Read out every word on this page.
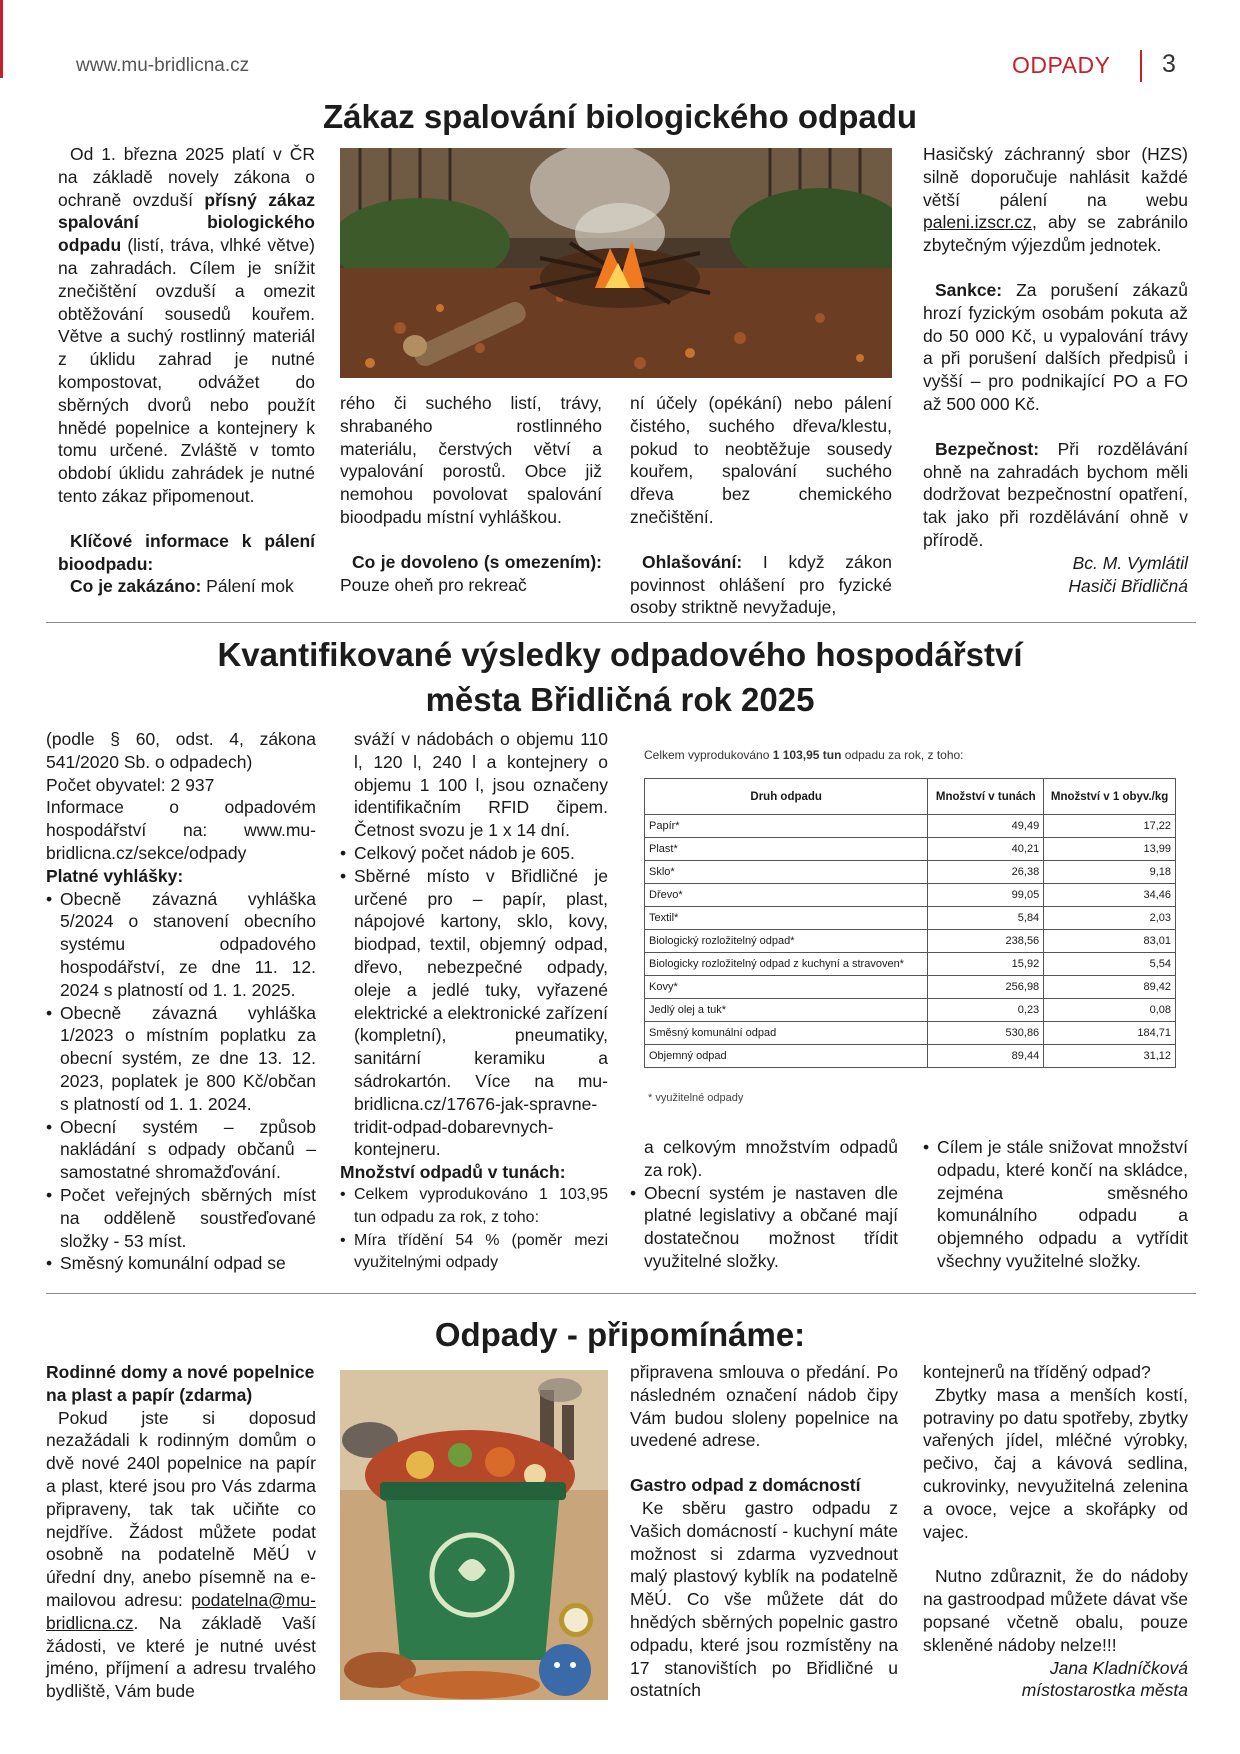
www.mu-bridlicna.cz	ODPADY 3
Zákaz spalování biologického odpadu

Od 1. března 2025 platí v ČR na základě novely zákona o ochraně ovzduší přísný zákaz spalování biologického odpadu (listí, tráva, vlhké větve) na zahradách. Cílem je snížit znečištění ovzduší a omezit obtěžování sousedů kouřem. Větve a suchý rostlinný materiál z úklidu zahrad je nutné kompostovat, odvážet do sběrných dvorů nebo použít hnědé popelnice a kontejnery k tomu určené. Zvláště v tomto období úklidu zahrádek je nutné tento zákaz připomenout.

Klíčové informace k pálení bioodpadu:

Co je zakázáno: Pálení mok

rého či suchého listí, trávy, shrabaného rostlinného materiálu, čerstvých větví a vypalování porostů. Obce již nemohou povolovat spalování bioodpadu místní vyhláškou.

Co je dovoleno (s omezením): Pouze oheň pro rekreač

ní účely (opékání) nebo pálení čistého, suchého dřeva/klestu, pokud to neobtěžuje sousedy kouřem, spalování suchého dřeva bez chemického znečištění.

Ohlašování: I když zákon povinnost ohlášení pro fyzické osoby striktně nevyžaduje,

Hasičský záchranný sbor (HZS) silně doporučuje nahlásit každé větší pálení na webu paleni.izscr.cz, aby se zabránilo zbytečným výjezdům jednotek.

Sankce: Za porušení zákazů hrozí fyzickým osobám pokuta až do 50 000 Kč, u vypalování trávy a při porušení dalších předpisů i vyšší – pro podnikající PO a FO až 500 000 Kč.

Bezpečnost: Při rozdělávání ohně na zahradách bychom měli dodržovat bezpečnostní opatření, tak jako při rozdělávání ohně v přírodě.

Bc. M. Vymlátil

Hasiči Břidličná

Kvantifikované výsledky odpadového hospodářství
města Břidličná rok 2025

(podle § 60, odst. 4, zákona 541/2020 Sb. o odpadech)

Počet obyvatel: 2 937

Informace o odpadovém hospodářství na: www.mu-bridlicna.cz/sekce/odpady

Platné vyhlášky:

• Obecně závazná vyhláška 5/2024 o stanovení obecního systému odpadového hospodářství, ze dne 11. 12. 2024 s platností od 1. 1. 2025.
• Obecně závazná vyhláška 1/2023 o místním poplatku za obecní systém, ze dne 13. 12. 2023, poplatek je 800 Kč/občan s platností od 1. 1. 2024.
• Obecní systém – způsob nakládání s odpady občanů – samostatné shromažďování.
• Počet veřejných sběrných míst na odděleně soustřeďované složky - 53 míst.
• Směsný komunální odpad se

sváží v nádobách o objemu 110 l, 120 l, 240 l a kontejnery o objemu 1 100 l, jsou označeny identifikačním RFID čipem. Četnost svozu je 1 x 14 dní.

• Celkový počet nádob je 605.
• Sběrné místo v Břidličné je určené pro – papír, plast, nápojové kartony, sklo, kovy, biodpad, textil, objemný odpad, dřevo, nebezpečné odpady, oleje a jedlé tuky, vyřazené elektrické a elektronické zařízení (kompletní), pneumatiky, sanitární keramiku a sádrokartón. Více na mu-bridlicna.cz/17676-jak-spravne-tridit-odpad-dobarevnych-kontejneru.

Množství odpadů v tunách:

• Celkem vyprodukováno 1 103,95 tun odpadu za rok, z toho:
• Míra třídění 54 % (poměr mezi využitelnými odpady
Celkem vyprodukováno 1 103,95 tun odpadu za rok, z toho:
Druh odpadu	Množství v tunách	Množství v 1 obyv./kg
Papír*	49,49	17,22
Plast*	40,21	13,99
Sklo*	26,38	9,18
Dřevo*	99,05	34,46
Textil*	5,84	2,03
Biologický rozložitelný odpad*	238,56	83,01
Biologicky rozložitelný odpad z kuchyní a stravoven*	15,92	5,54
Kovy*	256,98	89,42
Jedlý olej a tuk*	0,23	0,08
Směsný komunální odpad	530,86	184,71
Objemný odpad	89,44	31,12
* využitelné odpady

a celkovým množstvím odpadů za rok).

• Obecní systém je nastaven dle platné legislativy a občané mají dostatečnou možnost třídit využitelné složky.
• Cílem je stále snižovat množství odpadu, které končí na skládce, zejména směsného komunálního odpadu a objemného odpadu a vytřídit všechny využitelné složky.
Odpady - připomínáme:

Rodinné domy a nové popelnice na plast a papír (zdarma)

Pokud jste si doposud nezažádali k rodinným domům o dvě nové 240l popelnice na papír a plast, které jsou pro Vás zdarma připraveny, tak tak učiňte co nejdříve. Žádost můžete podat osobně na podatelně MěÚ v úřední dny, anebo písemně na e-mailovou adresu: podatelna@mu-bridlicna.cz. Na základě Vaší žádosti, ve které je nutné uvést jméno, příjmení a adresu trvalého bydliště, Vám bude

připravena smlouva o předání. Po následném označení nádob čipy Vám budou sloleny popelnice na uvedené adrese.

Gastro odpad z domácností

Ke sběru gastro odpadu z Vašich domácností - kuchyní máte možnost si zdarma vyzvednout malý plastový kyblík na podatelně MěÚ. Co vše můžete dát do hnědých sběrných popelnic gastro odpadu, které jsou rozmístěny na 17 stanovištích po Břidličné u ostatních

kontejnerů na tříděný odpad?

Zbytky masa a menších kostí, potraviny po datu spotřeby, zbytky vařených jídel, mléčné výrobky, pečivo, čaj a kávová sedlina, cukrovinky, nevyužitelná zelenina a ovoce, vejce a skořápky od vajec.

Nutno zdůraznit, že do nádoby na gastroodpad můžete dávat vše popsané včetně obalu, pouze skleněné nádoby nelze!!!

Jana Kladníčková

místostarostka města
